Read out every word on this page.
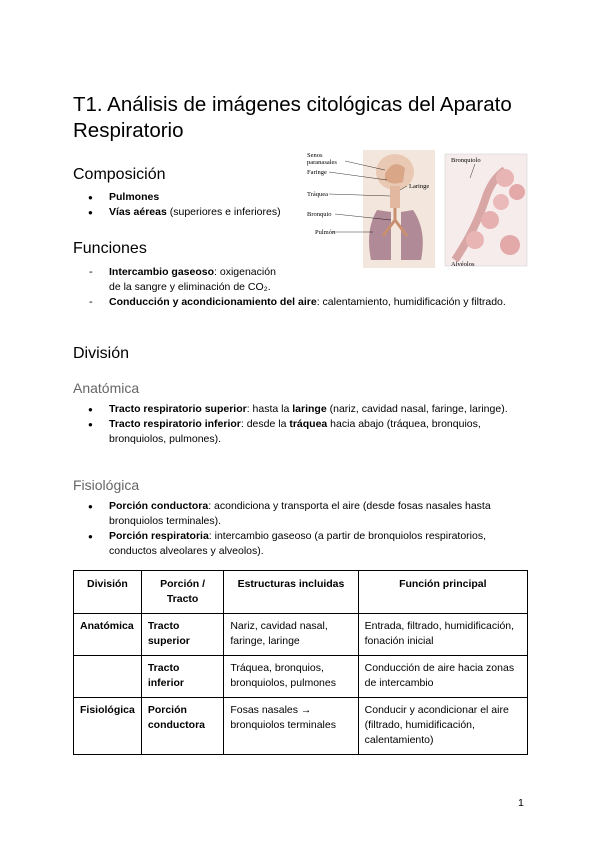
T1. Análisis de imágenes citológicas del Aparato Respiratorio
Composición
● Pulmones
● Vías aéreas (superiores e inferiores)
Funciones
- Intercambio gaseoso: oxigenación
de la sangre y eliminación de CO₂.
- Conducción y acondicionamiento del aire: calentamiento, humidificación y filtrado.
División
Anatómica
● Tracto respiratorio superior: hasta la laringe (nariz, cavidad nasal, faringe, laringe).
● Tracto respiratorio inferior: desde la tráquea hacia abajo (tráquea, bronquios, bronquiolos, pulmones).
Fisiológica
● Porción conductora: acondiciona y transporta el aire (desde fosas nasales hasta bronquiolos terminales).
● Porción respiratoria: intercambio gaseoso (a partir de bronquiolos respiratorios, conductos alveolares y alveolos).
Senos
paranasales
Faringe
Tráquea
Bronquio
Pulmón
Laringe
Bronquiolo
Alvéolos
División	Porción / Tracto	Estructuras incluidas	Función principal
Anatómica	Tracto superior	Nariz, cavidad nasal, faringe, laringe	Entrada, filtrado, humidificación, fonación inicial
	Tracto inferior	Tráquea, bronquios, bronquiolos, pulmones	Conducción de aire hacia zonas de intercambio
Fisiológica	Porción conductora	Fosas nasales → bronquiolos terminales	Conducir y acondicionar el aire (filtrado, humidificación, calentamiento)
1
